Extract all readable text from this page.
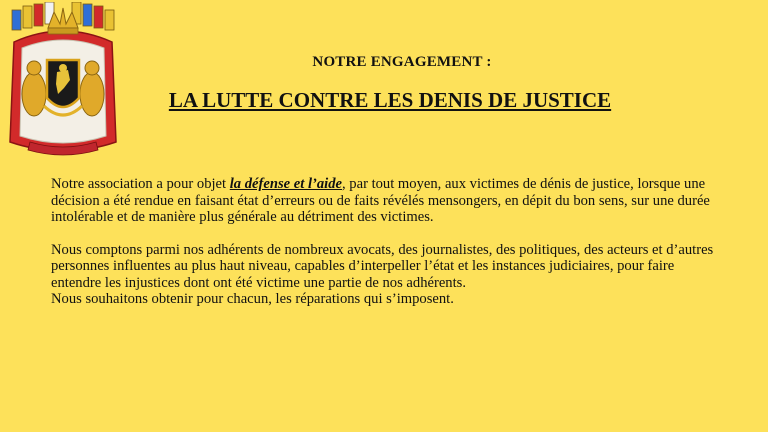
NOTRE ENGAGEMENT :
LA LUTTE CONTRE LES DENIS DE JUSTICE

Notre association a pour objet la défense et l’aide, par tout moyen, aux victimes de dénis de justice, lorsque une décision a été rendue en faisant état d’erreurs ou de faits révélés mensongers, en dépit du bon sens, sur une durée intolérable et de manière plus générale au détriment des victimes.

Nous comptons parmi nos adhérents de nombreux avocats, des journalistes, des politiques, des acteurs et d’autres personnes influentes au plus haut niveau, capables d’interpeller l’état et les instances judiciaires, pour faire entendre les injustices dont ont été victime une partie de nos adhérents.

Nous souhaitons obtenir pour chacun, les réparations qui s’imposent.
